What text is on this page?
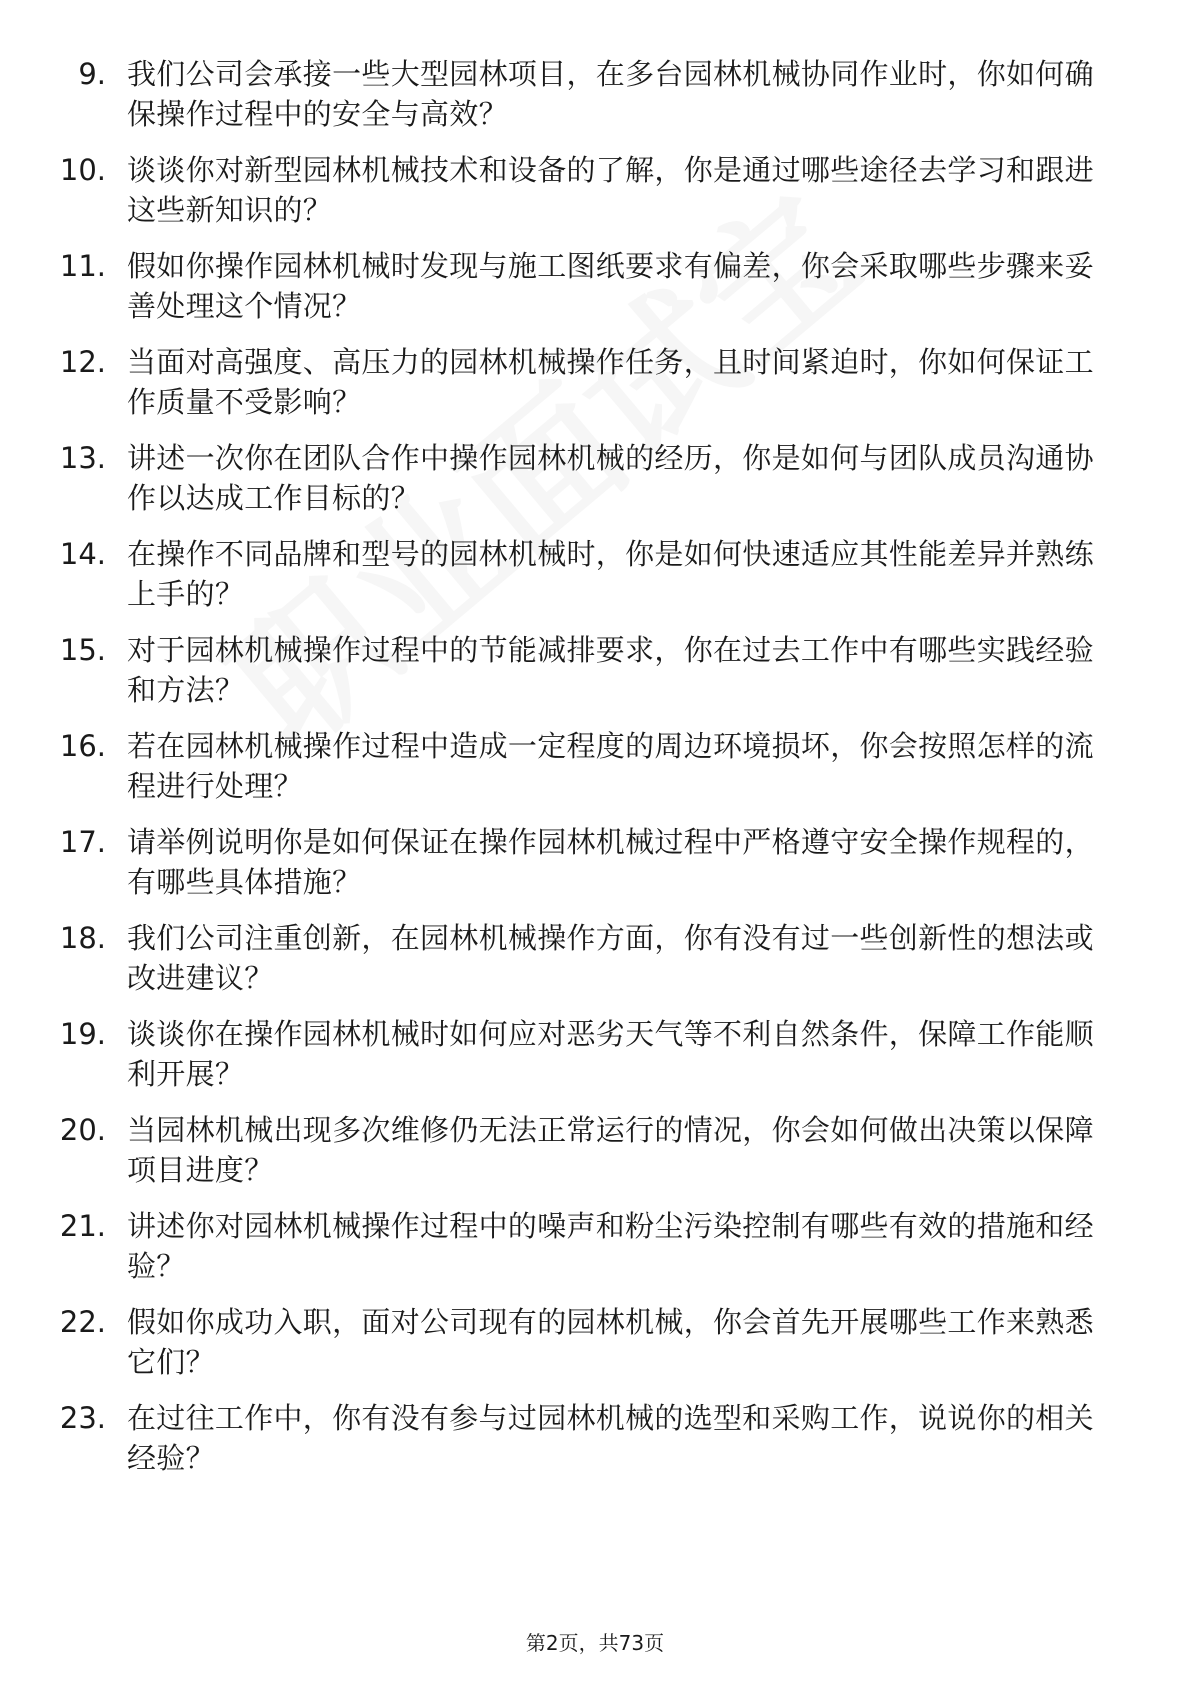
9. 我们公司会承接一些大型园林项目，在多台园林机械协同作业时，你如何确保操作过程中的安全与高效？
10. 谈谈你对新型园林机械技术和设备的了解，你是通过哪些途径去学习和跟进这些新知识的？
11. 假如你操作园林机械时发现与施工图纸要求有偏差，你会采取哪些步骤来妥善处理这个情况？
12. 当面对高强度、高压力的园林机械操作任务，且时间紧迫时，你如何保证工作质量不受影响？
13. 讲述一次你在团队合作中操作园林机械的经历，你是如何与团队成员沟通协作以达成工作目标的？
14. 在操作不同品牌和型号的园林机械时，你是如何快速适应其性能差异并熟练上手的？
15. 对于园林机械操作过程中的节能减排要求，你在过去工作中有哪些实践经验和方法？
16. 若在园林机械操作过程中造成一定程度的周边环境损坏，你会按照怎样的流程进行处理？
17. 请举例说明你是如何保证在操作园林机械过程中严格遵守安全操作规程的，有哪些具体措施？
18. 我们公司注重创新，在园林机械操作方面，你有没有过一些创新性的想法或改进建议？
19. 谈谈你在操作园林机械时如何应对恶劣天气等不利自然条件，保障工作能顺利开展？
20. 当园林机械出现多次维修仍无法正常运行的情况，你会如何做出决策以保障项目进度？
21. 讲述你对园林机械操作过程中的噪声和粉尘污染控制有哪些有效的措施和经验？
22. 假如你成功入职，面对公司现有的园林机械，你会首先开展哪些工作来熟悉它们？
23. 在过往工作中，你有没有参与过园林机械的选型和采购工作，说说你的相关经验？
第2页，共73页
